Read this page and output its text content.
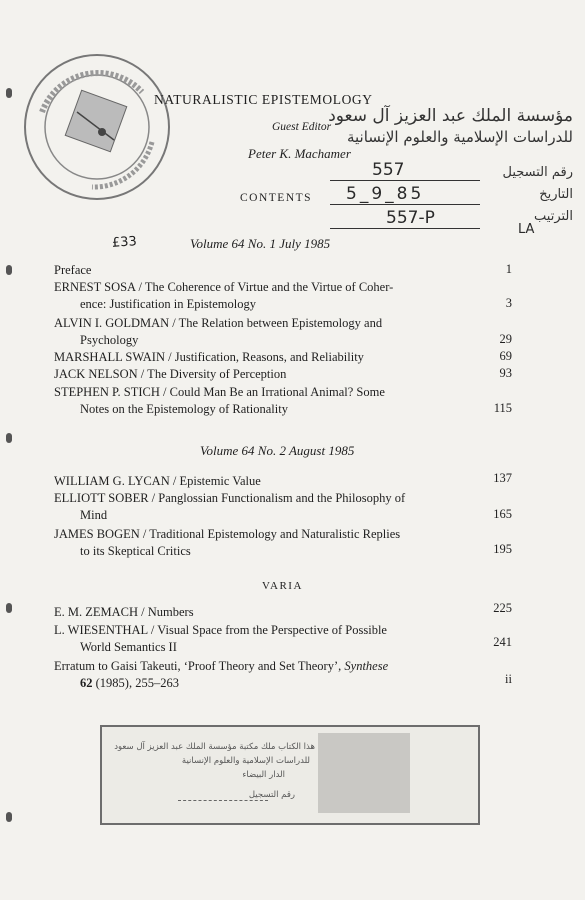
NATURALISTIC EPISTEMOLOGY
Guest Editor
Peter K. Machamer
CONTENTS
مؤسسة الملك عبد العزيز آل سعود
للدراسات الإسلامية والعلوم الإنسانية
رقم التسجيل
التاريخ
الترتيب
557
5_9_85
557-P
LA
£33	Volume 64 No. 1 July 1985
Preface	1
ERNEST SOSA / The Coherence of Virtue and the Virtue of Coher-
ence: Justification in Epistemology	3
ALVIN I. GOLDMAN / The Relation between Epistemology and
Psychology	29
MARSHALL SWAIN / Justification, Reasons, and Reliability	69
JACK NELSON / The Diversity of Perception	93
STEPHEN P. STICH / Could Man Be an Irrational Animal? Some
Notes on the Epistemology of Rationality	115
Volume 64 No. 2 August 1985
WILLIAM G. LYCAN / Epistemic Value	137
ELLIOTT SOBER / Panglossian Functionalism and the Philosophy of
Mind	165
JAMES BOGEN / Traditional Epistemology and Naturalistic Replies
to its Skeptical Critics	195
VARIA
E. M. ZEMACH / Numbers	225
L. WIESENTHAL / Visual Space from the Perspective of Possible
World Semantics II	241
Erratum to Gaisi Takeuti, ‘Proof Theory and Set Theory’, Synthese
62 (1985), 255–263	ii
هذا الكتاب ملك مكتبة مؤسسة الملك عبد العزيز آل سعود
للدراسات الإسلامية والعلوم الإنسانية
الدار البيضاء
رقم التسجيل
